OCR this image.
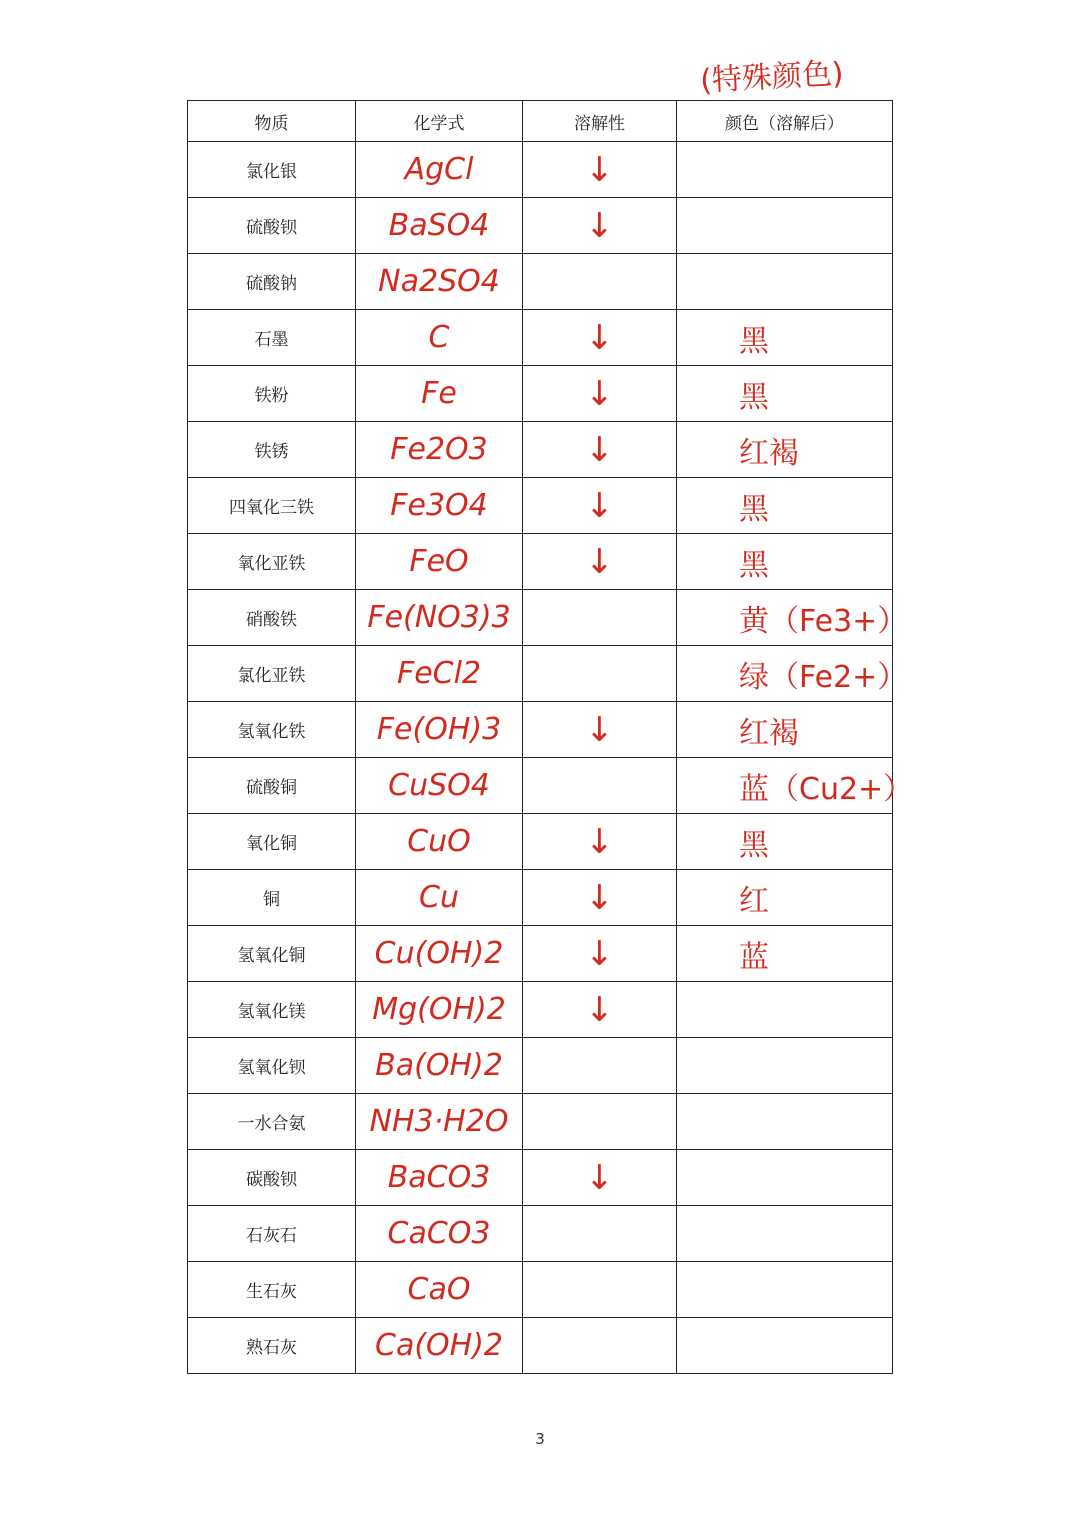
(特殊颜色)
物质	化学式	溶解性	颜色（溶解后）
氯化银	AgCl	↓	
硫酸钡	BaSO4	↓	
硫酸钠	Na2SO4		
石墨	C	↓	黑
铁粉	Fe	↓	黑
铁锈	Fe2O3	↓	红褐
四氧化三铁	Fe3O4	↓	黑
氧化亚铁	FeO	↓	黑
硝酸铁	Fe(NO3)3		黄（Fe3+）
氯化亚铁	FeCl2		绿（Fe2+）
氢氧化铁	Fe(OH)3	↓	红褐
硫酸铜	CuSO4		蓝（Cu2+）
氧化铜	CuO	↓	黑
铜	Cu	↓	红
氢氧化铜	Cu(OH)2	↓	蓝
氢氧化镁	Mg(OH)2	↓	
氢氧化钡	Ba(OH)2		
一水合氨	NH3·H2O		
碳酸钡	BaCO3	↓	
石灰石	CaCO3		
生石灰	CaO		
熟石灰	Ca(OH)2		
3
